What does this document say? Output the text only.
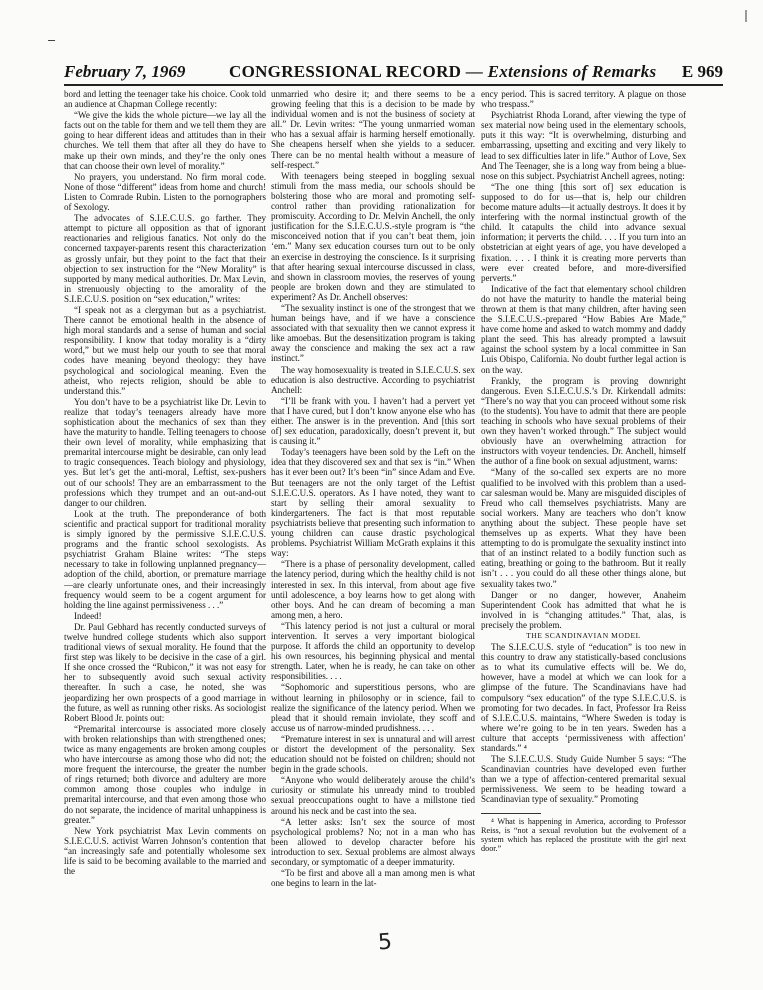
February 7, 1969	CONGRESSIONAL RECORD — Extensions of Remarks E 969

bord and letting the teenager take his choice. Cook told an audience at Chapman College recently:

“We give the kids the whole picture—we lay all the facts out on the table for them and we tell them they are going to hear different ideas and attitudes than in their churches. We tell them that after all they do have to make up their own minds, and they’re the only ones that can choose their own level of morality.”

No prayers, you understand. No firm moral code. None of those “different” ideas from home and church! Listen to Comrade Rubin. Listen to the pornographers of Sexology.

The advocates of S.I.E.C.U.S. go farther. They attempt to picture all opposition as that of ignorant reactionaries and religious fanatics. Not only do the concerned taxpayer-parents resent this characterization as grossly unfair, but they point to the fact that their objection to sex instruction for the “New Morality” is supported by many medical authorities. Dr. Max Levin, in strenuously objecting to the amorality of the S.I.E.C.U.S. position on “sex education,” writes:

“I speak not as a clergyman but as a psychiatrist. There cannot be emotional health in the absence of high moral standards and a sense of human and social responsibility. I know that today morality is a “dirty word,” but we must help our youth to see that moral codes have meaning beyond theology: they have psychological and sociological meaning. Even the atheist, who rejects religion, should be able to understand this.”

You don’t have to be a psychiatrist like Dr. Levin to realize that today’s teenagers already have more sophistication about the mechanics of sex than they have the maturity to handle. Telling teenagers to choose their own level of morality, while emphasizing that premarital intercourse might be desirable, can only lead to tragic consequences. Teach biology and physiology, yes. But let’s get the anti-moral, Leftist, sex-pushers out of our schools! They are an embarrassment to the professions which they trumpet and an out-and-out danger to our children.

Look at the truth. The preponderance of both scientific and practical support for traditional morality is simply ignored by the permissive S.I.E.C.U.S. programs and the frantic school sexologists. As psychiatrist Graham Blaine writes: “The steps necessary to take in following unplanned pregnancy—adoption of the child, abortion, or premature marriage—are clearly unfortunate ones, and their increasingly frequency would seem to be a cogent argument for holding the line against permissiveness . . .”

Indeed!

Dr. Paul Gebhard has recently conducted surveys of twelve hundred college students which also support traditional views of sexual morality. He found that the first step was likely to be decisive in the case of a girl. If she once crossed the “Rubicon,” it was not easy for her to subsequently avoid such sexual activity thereafter. In such a case, he noted, she was jeopardizing her own prospects of a good marriage in the future, as well as running other risks. As sociologist Robert Blood Jr. points out:

“Premarital intercourse is associated more closely with broken relationships than with strengthened ones; twice as many engagements are broken among couples who have intercourse as among those who did not; the more frequent the intercourse, the greater the number of rings returned; both divorce and adultery are more common among those couples who indulge in premarital intercourse, and that even among those who do not separate, the incidence of marital unhappiness is greater.”

New York psychiatrist Max Levin comments on S.I.E.C.U.S. activist Warren Johnson’s contention that “an increasingly safe and potentially wholesome sex life is said to be becoming available to the married and the

unmarried who desire it; and there seems to be a growing feeling that this is a decision to be made by individual women and is not the business of society at all.” Dr. Levin writes: “The young unmarried woman who has a sexual affair is harming herself emotionally. She cheapens herself when she yields to a seducer. There can be no mental health without a measure of self-respect.”

With teenagers being steeped in boggling sexual stimuli from the mass media, our schools should be bolstering those who are moral and promoting self-control rather than providing rationalization for promiscuity. According to Dr. Melvin Anchell, the only justification for the S.I.E.C.U.S.-style program is “the misconceived notion that if you can’t beat them, join ‘em.” Many sex education courses turn out to be only an exercise in destroying the conscience. Is it surprising that after hearing sexual intercourse discussed in class, and shown in classroom movies, the reserves of young people are broken down and they are stimulated to experiment? As Dr. Anchell observes:

“The sexuality instinct is one of the strongest that we human beings have, and if we have a conscience associated with that sexuality then we cannot express it like amoebas. But the desensitization program is taking away the conscience and making the sex act a raw instinct.”

The way homosexuality is treated in S.I.E.C.U.S. sex education is also destructive. According to psychiatrist Anchell:

“I’ll be frank with you. I haven’t had a pervert yet that I have cured, but I don’t know anyone else who has either. The answer is in the prevention. And [this sort of] sex education, paradoxically, doesn’t prevent it, but is causing it.”

Today’s teenagers have been sold by the Left on the idea that they discovered sex and that sex is “in.” When has it ever been out? It’s been “in” since Adam and Eve. But teenagers are not the only target of the Leftist S.I.E.C.U.S. operators. As I have noted, they want to start by selling their amoral sexuality to kindergarteners. The fact is that most reputable psychiatrists believe that presenting such information to young children can cause drastic psychological problems. Psychiatrist William McGrath explains it this way:

“There is a phase of personality development, called the latency period, during which the healthy child is not interested in sex. In this interval, from about age five until adolescence, a boy learns how to get along with other boys. And he can dream of becoming a man among men, a hero.

“This latency period is not just a cultural or moral intervention. It serves a very important biological purpose. It affords the child an opportunity to develop his own resources, his beginning physical and mental strength. Later, when he is ready, he can take on other responsibilities. . . .

“Sophomoric and superstitious persons, who are without learning in philosophy or in science, fail to realize the significance of the latency period. When we plead that it should remain inviolate, they scoff and accuse us of narrow-minded prudishness. . . .

“Premature interest in sex is unnatural and will arrest or distort the development of the personality. Sex education should not be foisted on children; should not begin in the grade schools.

“Anyone who would deliberately arouse the child’s curiosity or stimulate his unready mind to troubled sexual preoccupations ought to have a millstone tied around his neck and be cast into the sea.

“A letter asks: Isn’t sex the source of most psychological problems? No; not in a man who has been allowed to develop character before his introduction to sex. Sexual problems are almost always secondary, or symptomatic of a deeper immaturity.

“To be first and above all a man among men is what one begins to learn in the lat-

ency period. This is sacred territory. A plague on those who trespass.”

Psychiatrist Rhoda Lorand, after viewing the type of sex material now being used in the elementary schools, puts it this way: “It is overwhelming, disturbing and embarrassing, upsetting and exciting and very likely to lead to sex difficulties later in life.” Author of Love, Sex And The Teenager, she is a long way from being a blue-nose on this subject. Psychiatrist Anchell agrees, noting:

“The one thing [this sort of] sex education is supposed to do for us—that is, help our children become mature adults—it actually destroys. It does it by interfering with the normal instinctual growth of the child. It catapults the child into advance sexual information; it perverts the child. . . . If you turn into an obstetrician at eight years of age, you have developed a fixation. . . . I think it is creating more perverts than were ever created before, and more-diversified perverts.”

Indicative of the fact that elementary school children do not have the maturity to handle the material being thrown at them is that many children, after having seen the S.I.E.C.U.S.-prepared “How Babies Are Made,” have come home and asked to watch mommy and daddy plant the seed. This has already prompted a lawsuit against the school system by a local committee in San Luis Obispo, California. No doubt further legal action is on the way.

Frankly, the program is proving downright dangerous. Even S.I.E.C.U.S.’s Dr. Kirkendall admits: “There’s no way that you can proceed without some risk (to the students). You have to admit that there are people teaching in schools who have sexual problems of their own they haven’t worked through.” The subject would obviously have an overwhelming attraction for instructors with voyeur tendencies. Dr. Anchell, himself the author of a fine book on sexual adjustment, warns:

“Many of the so-called sex experts are no more qualified to be involved with this problem than a used-car salesman would be. Many are misguided disciples of Freud who call themselves psychiatrists. Many are social workers. Many are teachers who don’t know anything about the subject. These people have set themselves up as experts. What they have been attempting to do is promulgate the sexuality instinct into that of an instinct related to a bodily function such as eating, breathing or going to the bathroom. But it really isn’t . . . you could do all these other things alone, but sexuality takes two.”

Danger or no danger, however, Anaheim Superintendent Cook has admitted that what he is involved in is “changing attitudes.” That, alas, is precisely the problem.

THE SCANDINAVIAN MODEL

The S.I.E.C.U.S. style of “education” is too new in this country to draw any statistically-based conclusions as to what its cumulative effects will be. We do, however, have a model at which we can look for a glimpse of the future. The Scandinavians have had compulsory “sex education” of the type S.I.E.C.U.S. is promoting for two decades. In fact, Professor Ira Reiss of S.I.E.C.U.S. maintains, “Where Sweden is today is where we’re going to be in ten years. Sweden has a culture that accepts ‘permissiveness with affection’ standards.” ⁴

The S.I.E.C.U.S. Study Guide Number 5 says: “The Scandinavian countries have developed even further than we a type of affection-centered premarital sexual permissiveness. We seem to be heading toward a Scandinavian type of sexuality.” Promoting

⁴ What is happening in America, according to Professor Reiss, is “not a sexual revolution but the evolvement of a system which has replaced the prostitute with the girl next door.”

5
